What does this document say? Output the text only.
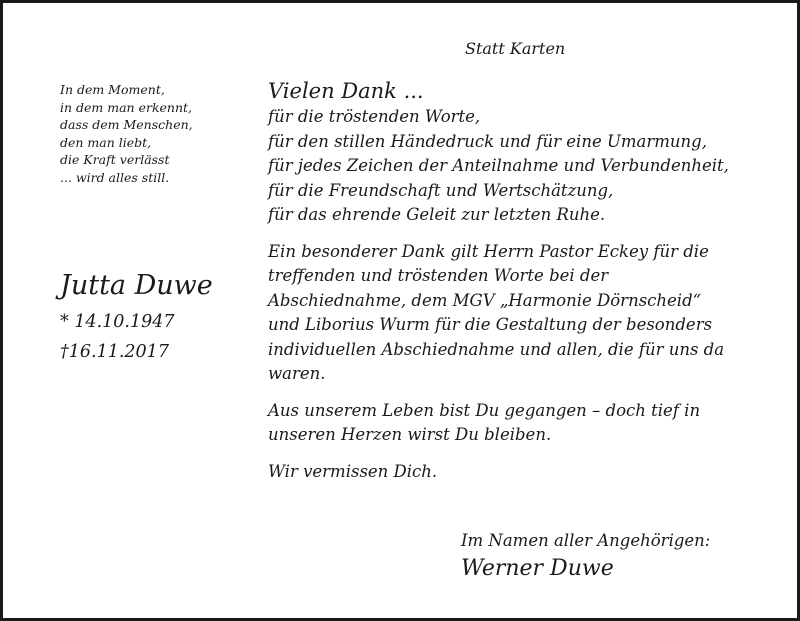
Statt Karten
In dem Moment,
in dem man erkennt,
dass dem Menschen,
den man liebt,
die Kraft verlässt
... wird alles still.
Jutta Duwe
* 14.10.1947
†16.11.2017
Vielen Dank ...
für die tröstenden Worte,
für den stillen Händedruck und für eine Umarmung,
für jedes Zeichen der Anteilnahme und Verbundenheit,
für die Freundschaft und Wertschätzung,
für das ehrende Geleit zur letzten Ruhe.
Ein besonderer Dank gilt Herrn Pastor Eckey für die
treffenden und tröstenden Worte bei der
Abschiednahme, dem MGV „Harmonie Dörnscheid“
und Liborius Wurm für die Gestaltung der besonders
individuellen Abschiednahme und allen, die für uns da
waren.
Aus unserem Leben bist Du gegangen – doch tief in
unseren Herzen wirst Du bleiben.
Wir vermissen Dich.
Im Namen aller Angehörigen:
Werner Duwe
